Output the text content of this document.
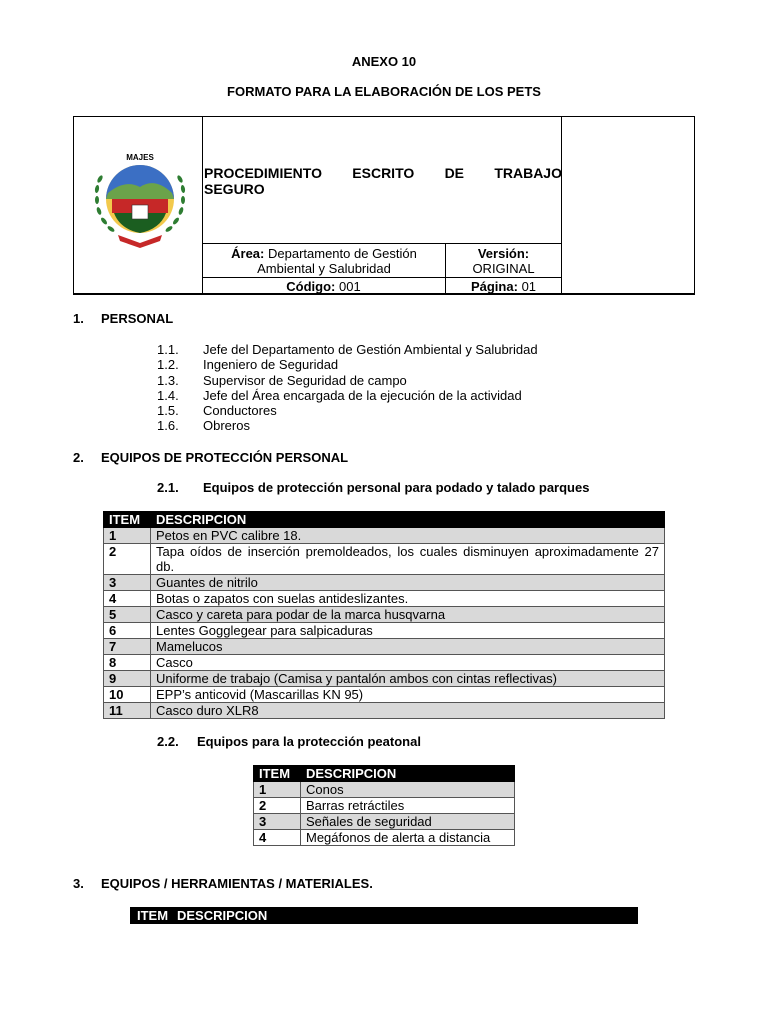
ANEXO 10
FORMATO PARA LA ELABORACIÓN DE LOS PETS
MAJES
PROCEDIMIENTO ESCRITO DE TRABAJO
SEGURO
Área: Departamento de Gestión Ambiental y Salubridad
Versión:
ORIGINAL
Código: 001	Página: 01
1. PERSONAL
1.1. Jefe del Departamento de Gestión Ambiental y Salubridad
1.2. Ingeniero de Seguridad
1.3. Supervisor de Seguridad de campo
1.4. Jefe del Área encargada de la ejecución de la actividad
1.5. Conductores
1.6. Obreros
2. EQUIPOS DE PROTECCIÓN PERSONAL
2.1. Equipos de protección personal para podado y talado parques
ITEM	DESCRIPCION
1	Petos en PVC calibre 18.
2	Tapa oídos de inserción premoldeados, los cuales disminuyen aproximadamente 27 db.
3	Guantes de nitrilo
4	Botas o zapatos con suelas antideslizantes.
5	Casco y careta para podar de la marca husqvarna
6	Lentes Gogglegear para salpicaduras
7	Mamelucos
8	Casco
9	Uniforme de trabajo (Camisa y pantalón ambos con cintas reflectivas)
10	EPP’s anticovid (Mascarillas KN 95)
11	Casco duro XLR8
2.2. Equipos para la protección peatonal
ITEM	DESCRIPCION
1	Conos
2	Barras retráctiles
3	Señales de seguridad
4	Megáfonos de alerta a distancia
3. EQUIPOS / HERRAMIENTAS / MATERIALES.
ITEM DESCRIPCION
